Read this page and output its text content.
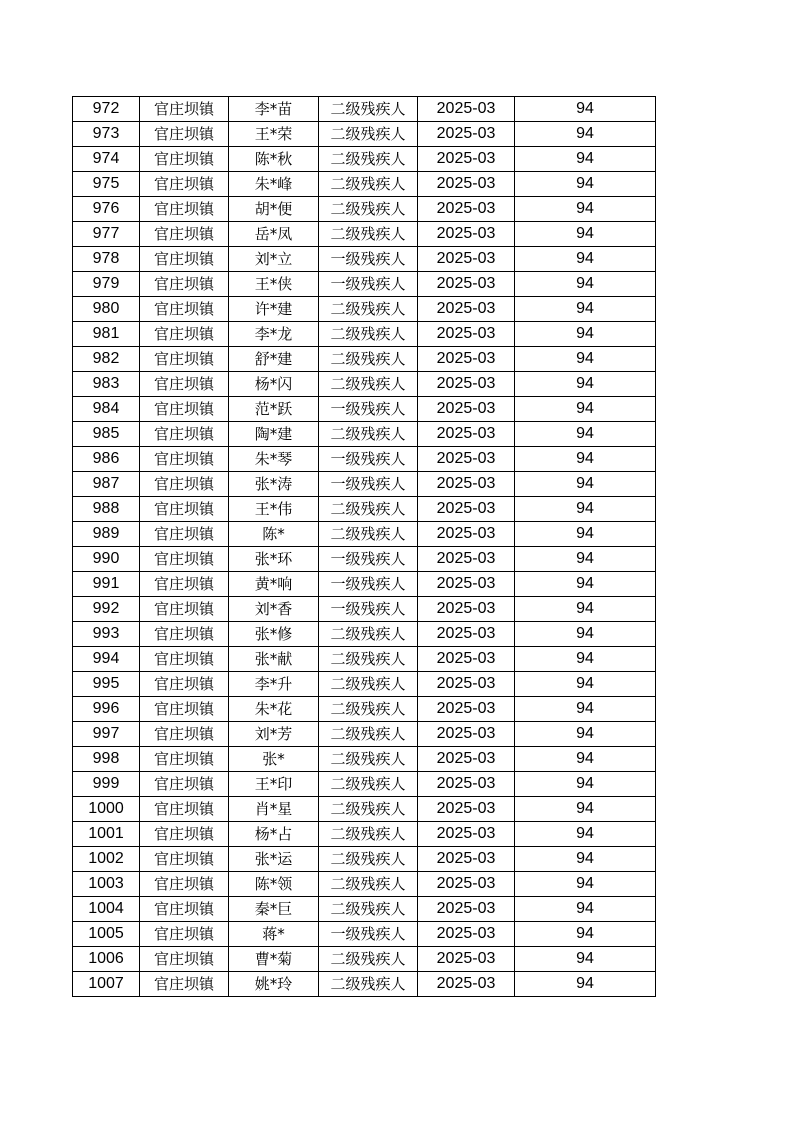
972	官庄坝镇	李*苗	二级残疾人	2025-03	94
973	官庄坝镇	王*荣	二级残疾人	2025-03	94
974	官庄坝镇	陈*秋	二级残疾人	2025-03	94
975	官庄坝镇	朱*峰	二级残疾人	2025-03	94
976	官庄坝镇	胡*便	二级残疾人	2025-03	94
977	官庄坝镇	岳*凤	二级残疾人	2025-03	94
978	官庄坝镇	刘*立	一级残疾人	2025-03	94
979	官庄坝镇	王*侠	一级残疾人	2025-03	94
980	官庄坝镇	许*建	二级残疾人	2025-03	94
981	官庄坝镇	李*龙	二级残疾人	2025-03	94
982	官庄坝镇	舒*建	二级残疾人	2025-03	94
983	官庄坝镇	杨*闪	二级残疾人	2025-03	94
984	官庄坝镇	范*跃	一级残疾人	2025-03	94
985	官庄坝镇	陶*建	二级残疾人	2025-03	94
986	官庄坝镇	朱*琴	一级残疾人	2025-03	94
987	官庄坝镇	张*涛	一级残疾人	2025-03	94
988	官庄坝镇	王*伟	二级残疾人	2025-03	94
989	官庄坝镇	陈*	二级残疾人	2025-03	94
990	官庄坝镇	张*环	一级残疾人	2025-03	94
991	官庄坝镇	黄*响	一级残疾人	2025-03	94
992	官庄坝镇	刘*香	一级残疾人	2025-03	94
993	官庄坝镇	张*修	二级残疾人	2025-03	94
994	官庄坝镇	张*献	二级残疾人	2025-03	94
995	官庄坝镇	李*升	二级残疾人	2025-03	94
996	官庄坝镇	朱*花	二级残疾人	2025-03	94
997	官庄坝镇	刘*芳	二级残疾人	2025-03	94
998	官庄坝镇	张*	二级残疾人	2025-03	94
999	官庄坝镇	王*印	二级残疾人	2025-03	94
1000	官庄坝镇	肖*星	二级残疾人	2025-03	94
1001	官庄坝镇	杨*占	二级残疾人	2025-03	94
1002	官庄坝镇	张*运	二级残疾人	2025-03	94
1003	官庄坝镇	陈*领	二级残疾人	2025-03	94
1004	官庄坝镇	秦*巨	二级残疾人	2025-03	94
1005	官庄坝镇	蒋*	一级残疾人	2025-03	94
1006	官庄坝镇	曹*菊	二级残疾人	2025-03	94
1007	官庄坝镇	姚*玲	二级残疾人	2025-03	94
